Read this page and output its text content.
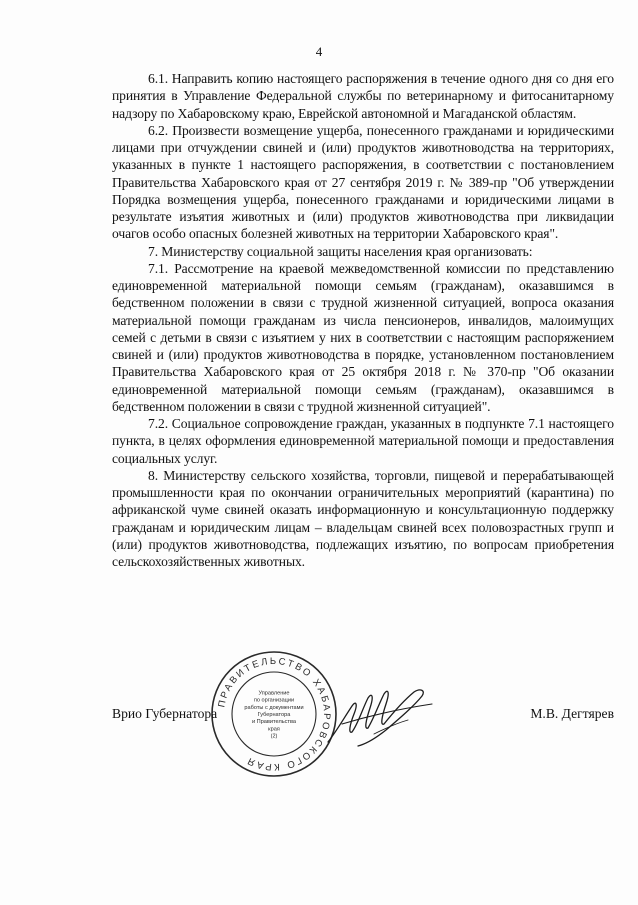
4

6.1. Направить копию настоящего распоряжения в течение одного дня со дня его принятия в Управление Федеральной службы по ветеринарному и фитосанитарному надзору по Хабаровскому краю, Еврейской автономной и Магаданской областям.

6.2. Произвести возмещение ущерба, понесенного гражданами и юридическими лицами при отчуждении свиней и (или) продуктов животноводства на территориях, указанных в пункте 1 настоящего распоряжения, в соответствии с постановлением Правительства Хабаровского края от 27 сентября 2019 г. № 389-пр "Об утверждении Порядка возмещения ущерба, понесенного гражданами и юридическими лицами в результате изъятия животных и (или) продуктов животноводства при ликвидации очагов особо опасных болезней животных на территории Хабаровского края".

7. Министерству социальной защиты населения края организовать:

7.1. Рассмотрение на краевой межведомственной комиссии по представлению единовременной материальной помощи семьям (гражданам), оказавшимся в бедственном положении в связи с трудной жизненной ситуацией, вопроса оказания материальной помощи гражданам из числа пенсионеров, инвалидов, малоимущих семей с детьми в связи с изъятием у них в соответствии с настоящим распоряжением свиней и (или) продуктов животноводства в порядке, установленном постановлением Правительства Хабаровского края от 25 октября 2018 г. № 370-пр "Об оказании единовременной материальной помощи семьям (гражданам), оказавшимся в бедственном положении в связи с трудной жизненной ситуацией".

7.2. Социальное сопровождение граждан, указанных в подпункте 7.1 настоящего пункта, в целях оформления единовременной материальной помощи и предоставления социальных услуг.

8. Министерству сельского хозяйства, торговли, пищевой и перерабатывающей промышленности края по окончании ограничительных мероприятий (карантина) по африканской чуме свиней оказать информационную и консультационную поддержку гражданам и юридическим лицам – владельцам свиней всех половозрастных групп и (или) продуктов животноводства, подлежащих изъятию, по вопросам приобретения сельскохозяйственных животных.

ПРАВИТЕЛЬСТВО ХАБАРОВСКОГО КРАЯ
Управление
по организации
работы с документами
Губернатора
и Правительства
края
(2)
Врио Губернатора	М.В. Дегтярев
